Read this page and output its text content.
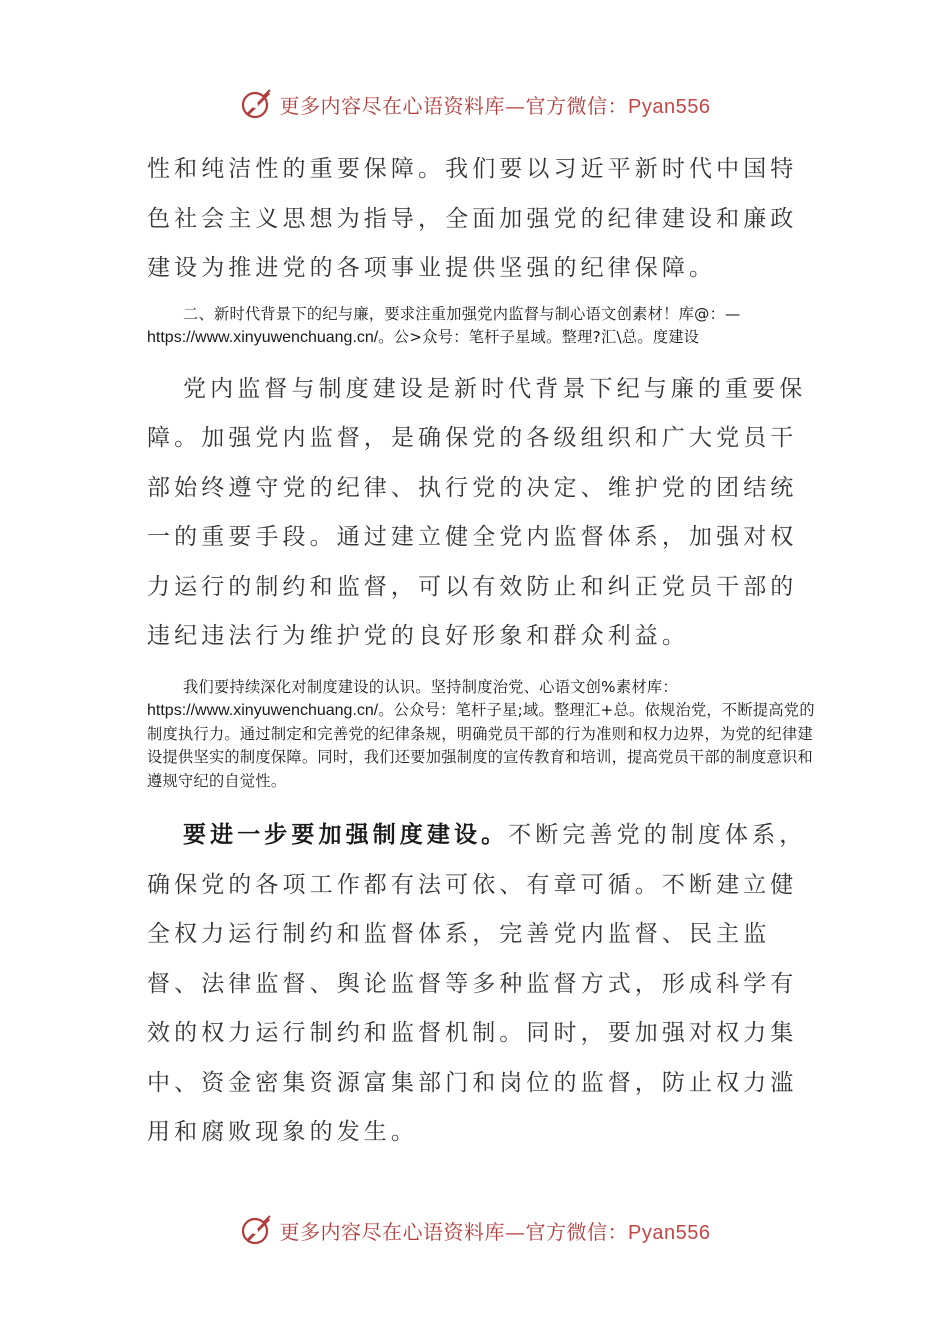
更多内容尽在心语资料库—官方微信：Pyan556

性和纯洁性的重要保障。我们要以习近平新时代中国特色社会主义思想为指导，全面加强党的纪律建设和廉政建设为推进党的各项事业提供坚强的纪律保障。

二、新时代背景下的纪与廉，要求注重加强党内监督与制心语文创素材！库@：—https://www.xinyuwenchuang.cn/。公>众号：笔杆子星域。整理?汇\总。度建设

党内监督与制度建设是新时代背景下纪与廉的重要保障。加强党内监督，是确保党的各级组织和广大党员干部始终遵守党的纪律、执行党的决定、维护党的团结统一的重要手段。通过建立健全党内监督体系，加强对权力运行的制约和监督，可以有效防止和纠正党员干部的违纪违法行为维护党的良好形象和群众利益。

我们要持续深化对制度建设的认识。坚持制度治党、心语文创%素材库：https://www.xinyuwenchuang.cn/。公众号：笔杆子星;域。整理汇+总。依规治党，不断提高党的制度执行力。通过制定和完善党的纪律条规，明确党员干部的行为准则和权力边界，为党的纪律建设提供坚实的制度保障。同时，我们还要加强制度的宣传教育和培训，提高党员干部的制度意识和遵规守纪的自觉性。

要进一步要加强制度建设。不断完善党的制度体系，确保党的各项工作都有法可依、有章可循。不断建立健全权力运行制约和监督体系，完善党内监督、民主监督、法律监督、舆论监督等多种监督方式，形成科学有效的权力运行制约和监督机制。同时，要加强对权力集中、资金密集资源富集部门和岗位的监督，防止权力滥用和腐败现象的发生。

更多内容尽在心语资料库—官方微信：Pyan556
